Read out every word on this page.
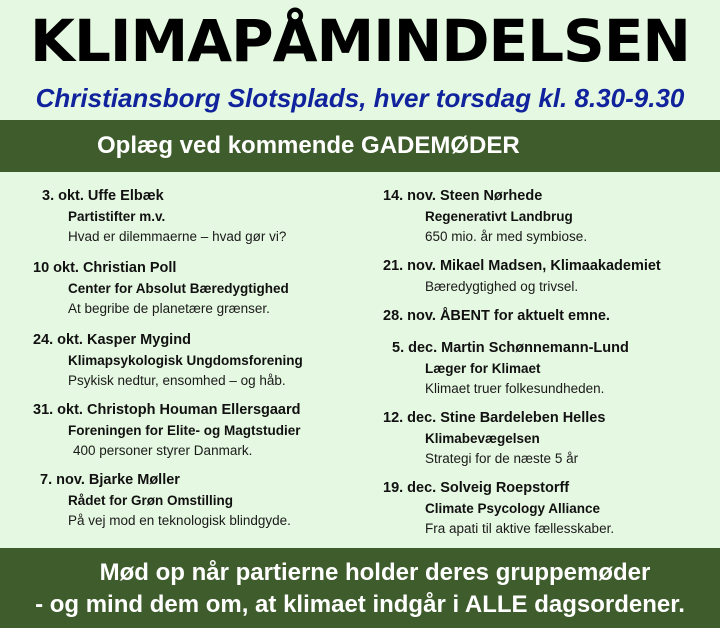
KLIMAPÅMINDELSEN
Christiansborg Slotsplads, hver torsdag kl. 8.30-9.30
Oplæg ved kommende GADEMØDER
3. okt. Uffe Elbæk
Partistifter m.v.
Hvad er dilemmaerne – hvad gør vi?
10 okt. Christian Poll
Center for Absolut Bæredygtighed
At begribe de planetære grænser.
24. okt. Kasper Mygind
Klimapsykologisk Ungdomsforening
Psykisk nedtur, ensomhed – og håb.
31. okt. Christoph Houman Ellersgaard
Foreningen for Elite- og Magtstudier
400 personer styrer Danmark.
7. nov. Bjarke Møller
Rådet for Grøn Omstilling
På vej mod en teknologisk blindgyde.
14. nov. Steen Nørhede
Regenerativt Landbrug
650 mio. år med symbiose.
21. nov. Mikael Madsen, Klimaakademiet
Bæredygtighed og trivsel.
28. nov. ÅBENT for aktuelt emne.
5. dec. Martin Schønnemann-Lund
Læger for Klimaet
Klimaet truer folkesundheden.
12. dec. Stine Bardeleben Helles
Klimabevægelsen
Strategi for de næste 5 år
19. dec. Solveig Roepstorff
Climate Psycology Alliance
Fra apati til aktive fællesskaber.
Mød op når partierne holder deres gruppemøder
- og mind dem om, at klimaet indgår i ALLE dagsordener.
